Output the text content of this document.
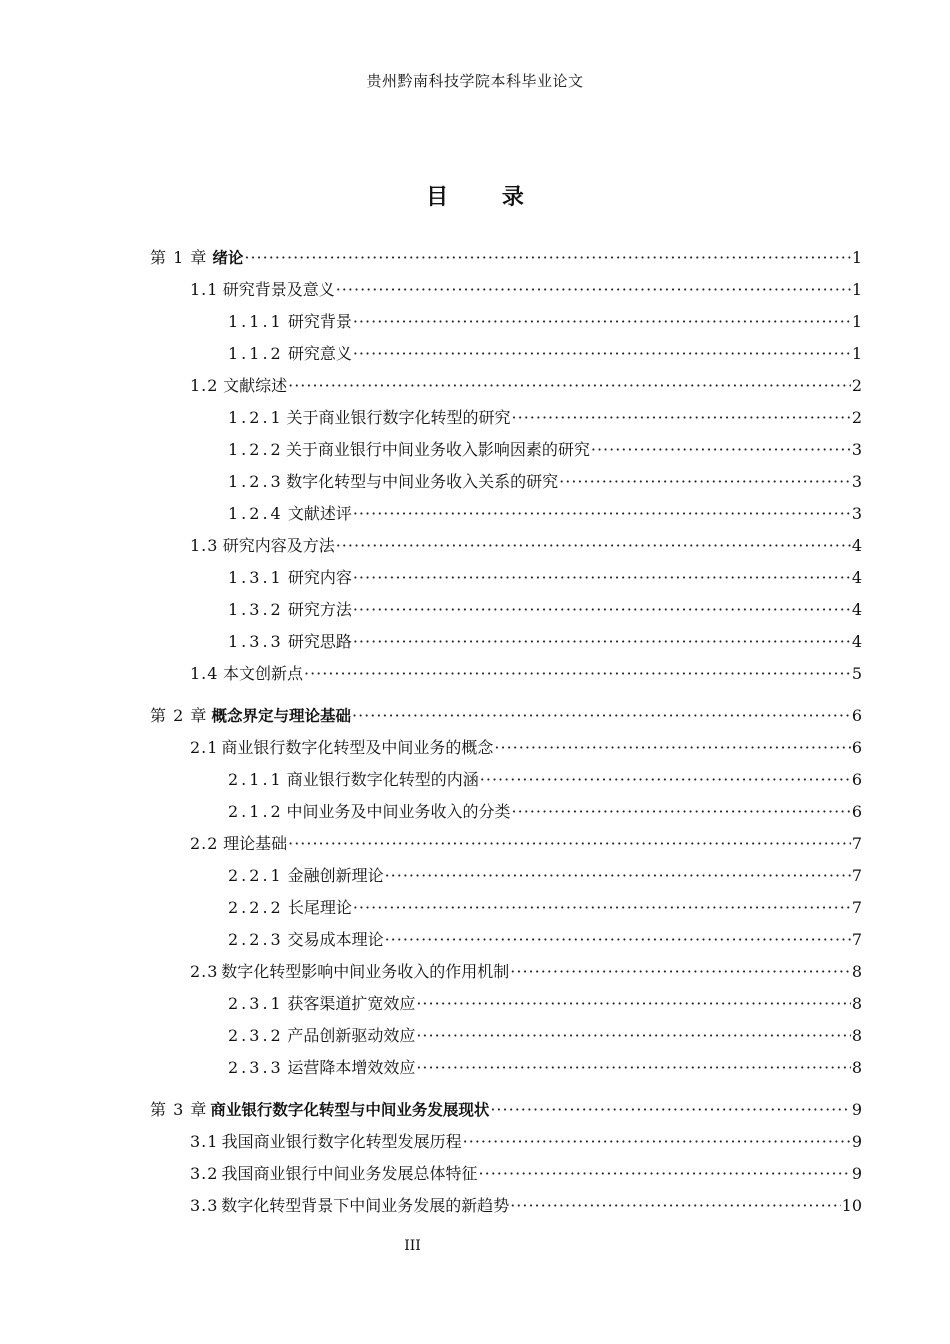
贵州黔南科技学院本科毕业论文
目 录
第 1 章 绪论 ·····	1
1.1 研究背景及意义 ·····	1
1.1.1 研究背景 ·····	1
1.1.2 研究意义 ·····	1
1.2 文献综述 ·····	2
1.2.1 关于商业银行数字化转型的研究 ·····	2
1.2.2 关于商业银行中间业务收入影响因素的研究 ·····	3
1.2.3 数字化转型与中间业务收入关系的研究 ·····	3
1.2.4 文献述评 ·····	3
1.3 研究内容及方法 ·····	4
1.3.1 研究内容 ·····	4
1.3.2 研究方法 ·····	4
1.3.3 研究思路 ·····	4
1.4 本文创新点 ·····	5
第 2 章 概念界定与理论基础 ·····	6
2.1 商业银行数字化转型及中间业务的概念 ·····	6
2.1.1 商业银行数字化转型的内涵 ·····	6
2.1.2 中间业务及中间业务收入的分类 ·····	6
2.2 理论基础 ·····	7
2.2.1 金融创新理论 ·····	7
2.2.2 长尾理论 ·····	7
2.2.3 交易成本理论 ·····	7
2.3 数字化转型影响中间业务收入的作用机制 ·····	8
2.3.1 获客渠道扩宽效应 ·····	8
2.3.2 产品创新驱动效应 ·····	8
2.3.3 运营降本增效效应 ·····	8
第 3 章 商业银行数字化转型与中间业务发展现状 ·····	9
3.1 我国商业银行数字化转型发展历程 ·····	9
3.2 我国商业银行中间业务发展总体特征 ·····	9
3.3 数字化转型背景下中间业务发展的新趋势 ·····	10
III
